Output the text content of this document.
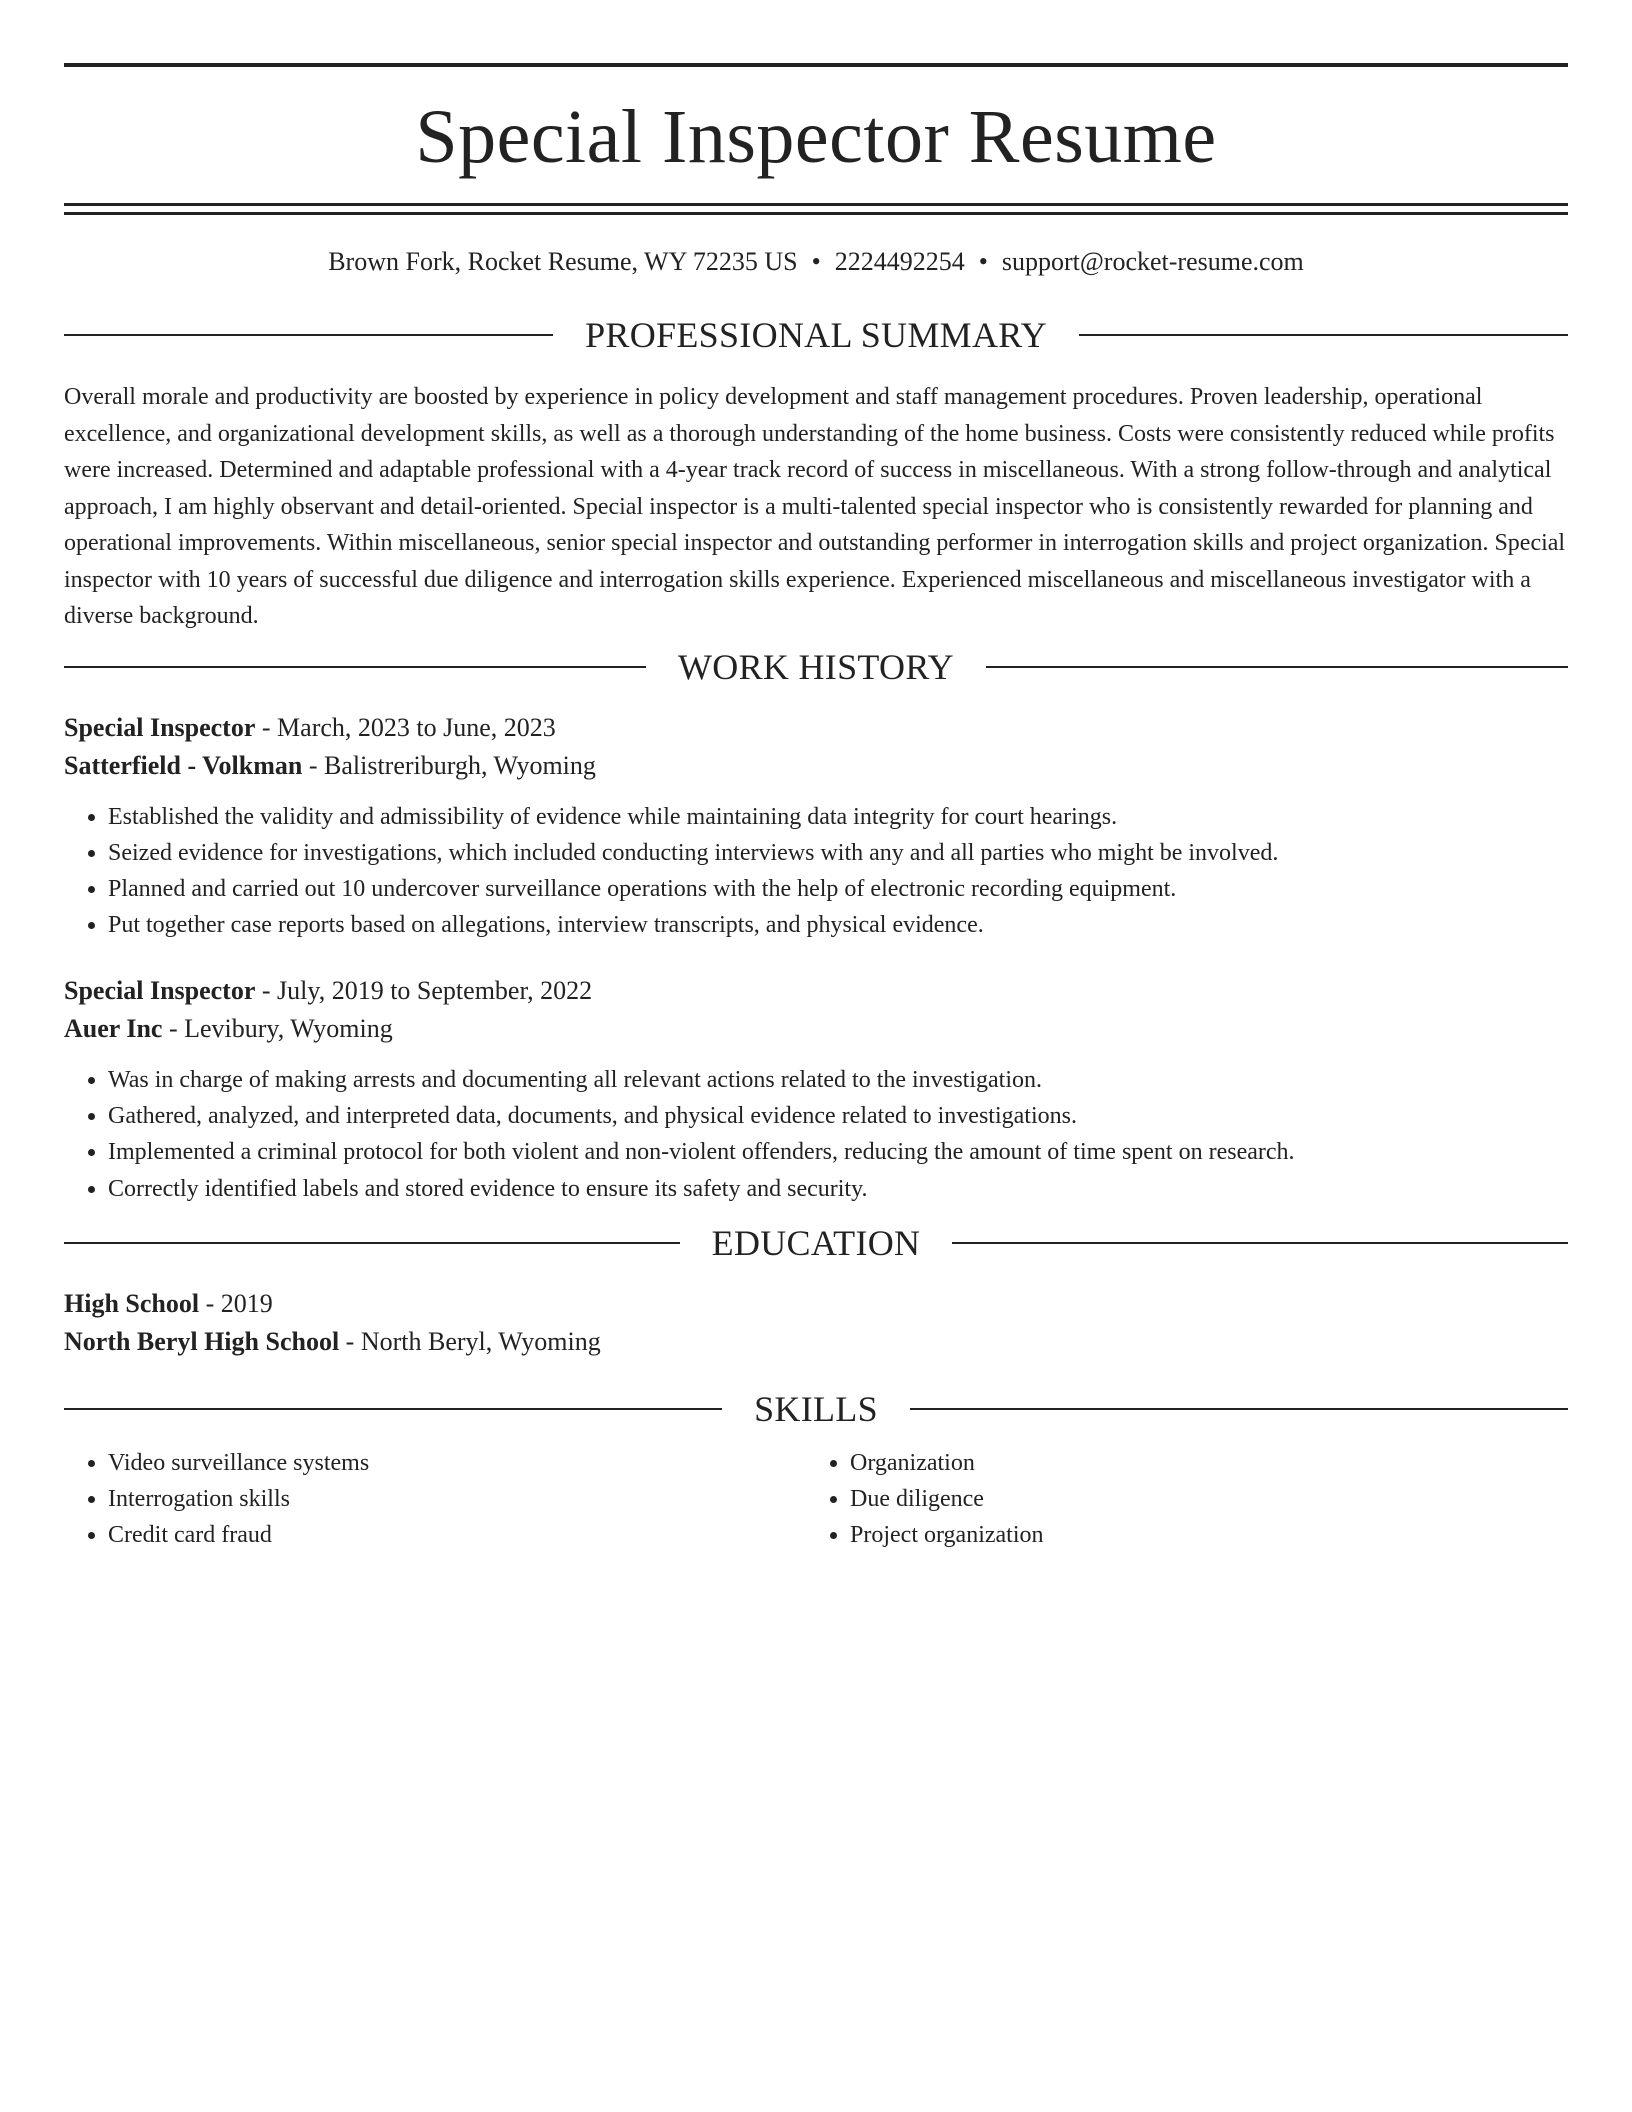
Special Inspector Resume
Brown Fork, Rocket Resume, WY 72235 US • 2224492254 • support@rocket-resume.com
PROFESSIONAL SUMMARY

Overall morale and productivity are boosted by experience in policy development and staff management procedures. Proven leadership, operational excellence, and organizational development skills, as well as a thorough understanding of the home business. Costs were consistently reduced while profits were increased. Determined and adaptable professional with a 4-year track record of success in miscellaneous. With a strong follow-through and analytical approach, I am highly observant and detail-oriented. Special inspector is a multi-talented special inspector who is consistently rewarded for planning and operational improvements. Within miscellaneous, senior special inspector and outstanding performer in interrogation skills and project organization. Special inspector with 10 years of successful due diligence and interrogation skills experience. Experienced miscellaneous and miscellaneous investigator with a diverse background.

WORK HISTORY
Special Inspector - March, 2023 to June, 2023
Satterfield - Volkman - Balistreriburgh, Wyoming
• Established the validity and admissibility of evidence while maintaining data integrity for court hearings.
• Seized evidence for investigations, which included conducting interviews with any and all parties who might be involved.
• Planned and carried out 10 undercover surveillance operations with the help of electronic recording equipment.
• Put together case reports based on allegations, interview transcripts, and physical evidence.
Special Inspector - July, 2019 to September, 2022
Auer Inc - Levibury, Wyoming
• Was in charge of making arrests and documenting all relevant actions related to the investigation.
• Gathered, analyzed, and interpreted data, documents, and physical evidence related to investigations.
• Implemented a criminal protocol for both violent and non-violent offenders, reducing the amount of time spent on research.
• Correctly identified labels and stored evidence to ensure its safety and security.
EDUCATION
High School - 2019
North Beryl High School - North Beryl, Wyoming
SKILLS
• Video surveillance systems
• Interrogation skills
• Credit card fraud
• Organization
• Due diligence
• Project organization
